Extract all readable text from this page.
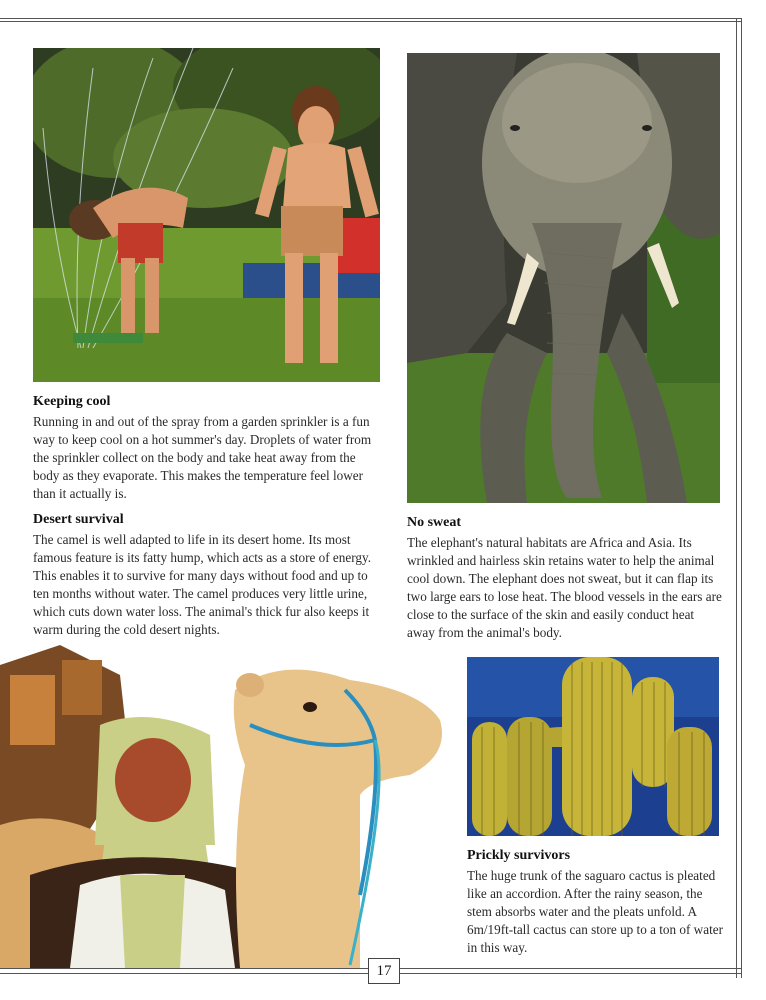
Keeping cool

Running in and out of the spray from a garden sprinkler is a fun way to keep cool on a hot summer's day. Droplets of water from the sprinkler collect on the body and take heat away from the body as they evaporate. This makes the temperature feel lower than it actually is.

Desert survival

The camel is well adapted to life in its desert home. Its most famous feature is its fatty hump, which acts as a store of energy. This enables it to survive for many days without food and up to ten months without water. The camel produces very little urine, which cuts down water loss. The animal's thick fur also keeps it warm during the cold desert nights.

No sweat

The elephant's natural habitats are Africa and Asia. Its wrinkled and hairless skin retains water to help the animal cool down. The elephant does not sweat, but it can flap its two large ears to lose heat. The blood vessels in the ears are close to the surface of the skin and easily conduct heat away from the animal's body.

Prickly survivors

The huge trunk of the saguaro cactus is pleated like an accordion. After the rainy season, the stem absorbs water and the pleats unfold. A 6m/19ft-tall cactus can store up to a ton of water in this way.

17
